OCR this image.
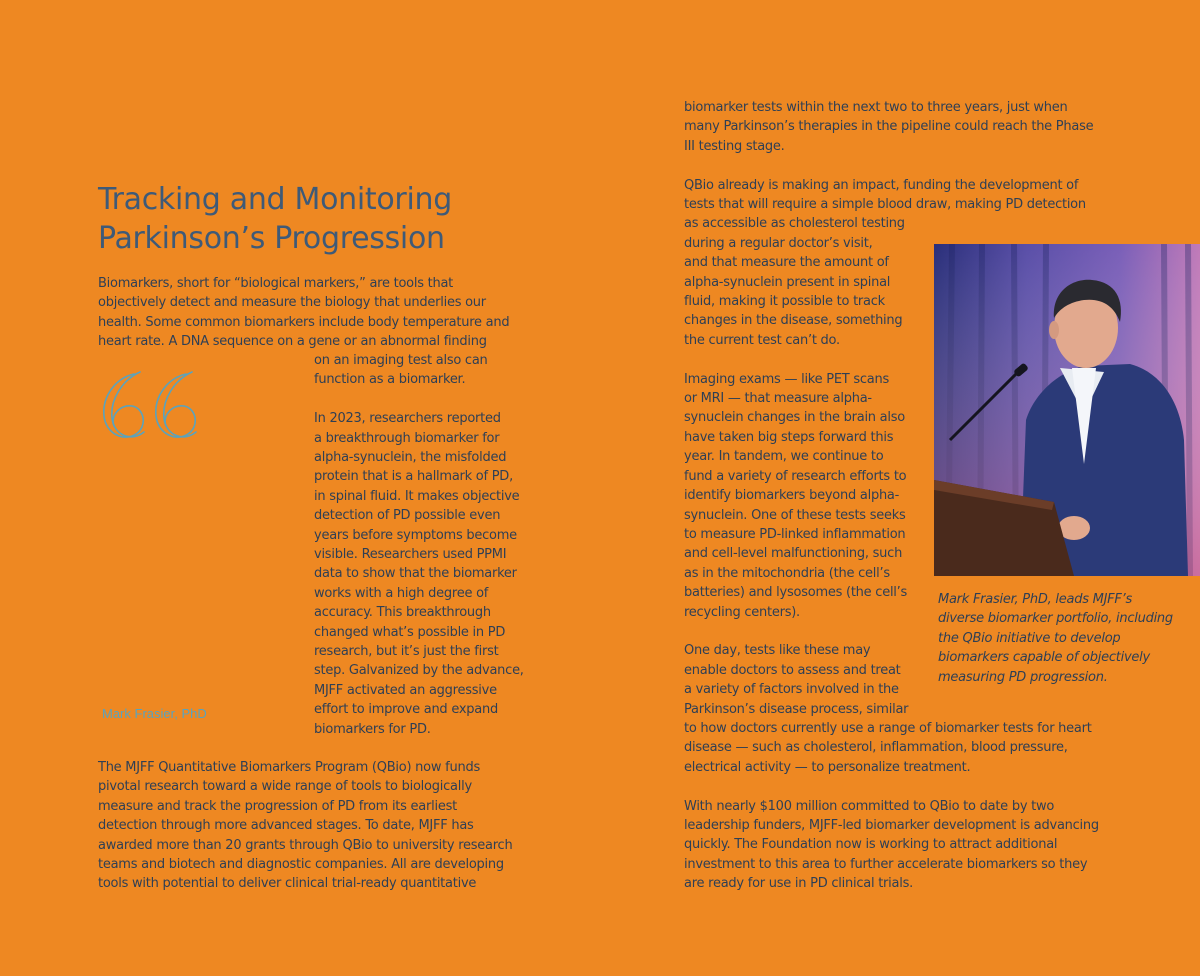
Tracking and Monitoring
Parkinson’s Progression
Biomarkers, short for “biological markers,” are tools that
objectively detect and measure the biology that underlies our
health. Some common biomarkers include body temperature and
heart rate. A DNA sequence on a gene or an abnormal finding
Mark Frasier, PhD
on an imaging test also can
function as a biomarker.
In 2023, researchers reported
a breakthrough biomarker for
alpha-synuclein, the misfolded
protein that is a hallmark of PD,
in spinal fluid. It makes objective
detection of PD possible even
years before symptoms become
visible. Researchers used PPMI
data to show that the biomarker
works with a high degree of
accuracy. This breakthrough
changed what’s possible in PD
research, but it’s just the first
step. Galvanized by the advance,
MJFF activated an aggressive
effort to improve and expand
biomarkers for PD.
The MJFF Quantitative Biomarkers Program (QBio) now funds
pivotal research toward a wide range of tools to biologically
measure and track the progression of PD from its earliest
detection through more advanced stages. To date, MJFF has
awarded more than 20 grants through QBio to university research
teams and biotech and diagnostic companies. All are developing
tools with potential to deliver clinical trial-ready quantitative
biomarker tests within the next two to three years, just when
many Parkinson’s therapies in the pipeline could reach the Phase
III testing stage.
QBio already is making an impact, funding the development of
tests that will require a simple blood draw, making PD detection
as accessible as cholesterol testing
during a regular doctor’s visit,
and that measure the amount of
alpha-synuclein present in spinal
fluid, making it possible to track
changes in the disease, something
the current test can’t do.
Imaging exams — like PET scans
or MRI — that measure alpha-
synuclein changes in the brain also
have taken big steps forward this
year. In tandem, we continue to
fund a variety of research efforts to
identify biomarkers beyond alpha-
synuclein. One of these tests seeks
to measure PD-linked inflammation
and cell-level malfunctioning, such
as in the mitochondria (the cell’s
batteries) and lysosomes (the cell’s
recycling centers).
One day, tests like these may
enable doctors to assess and treat
a variety of factors involved in the
Parkinson’s disease process, similar
to how doctors currently use a range of biomarker tests for heart
disease — such as cholesterol, inflammation, blood pressure,
electrical activity — to personalize treatment.
With nearly $100 million committed to QBio to date by two
leadership funders, MJFF-led biomarker development is advancing
quickly. The Foundation now is working to attract additional
investment to this area to further accelerate biomarkers so they
are ready for use in PD clinical trials.
Mark Frasier, PhD, leads MJFF’s
diverse biomarker portfolio, including
the QBio initiative to develop
biomarkers capable of objectively
measuring PD progression.
